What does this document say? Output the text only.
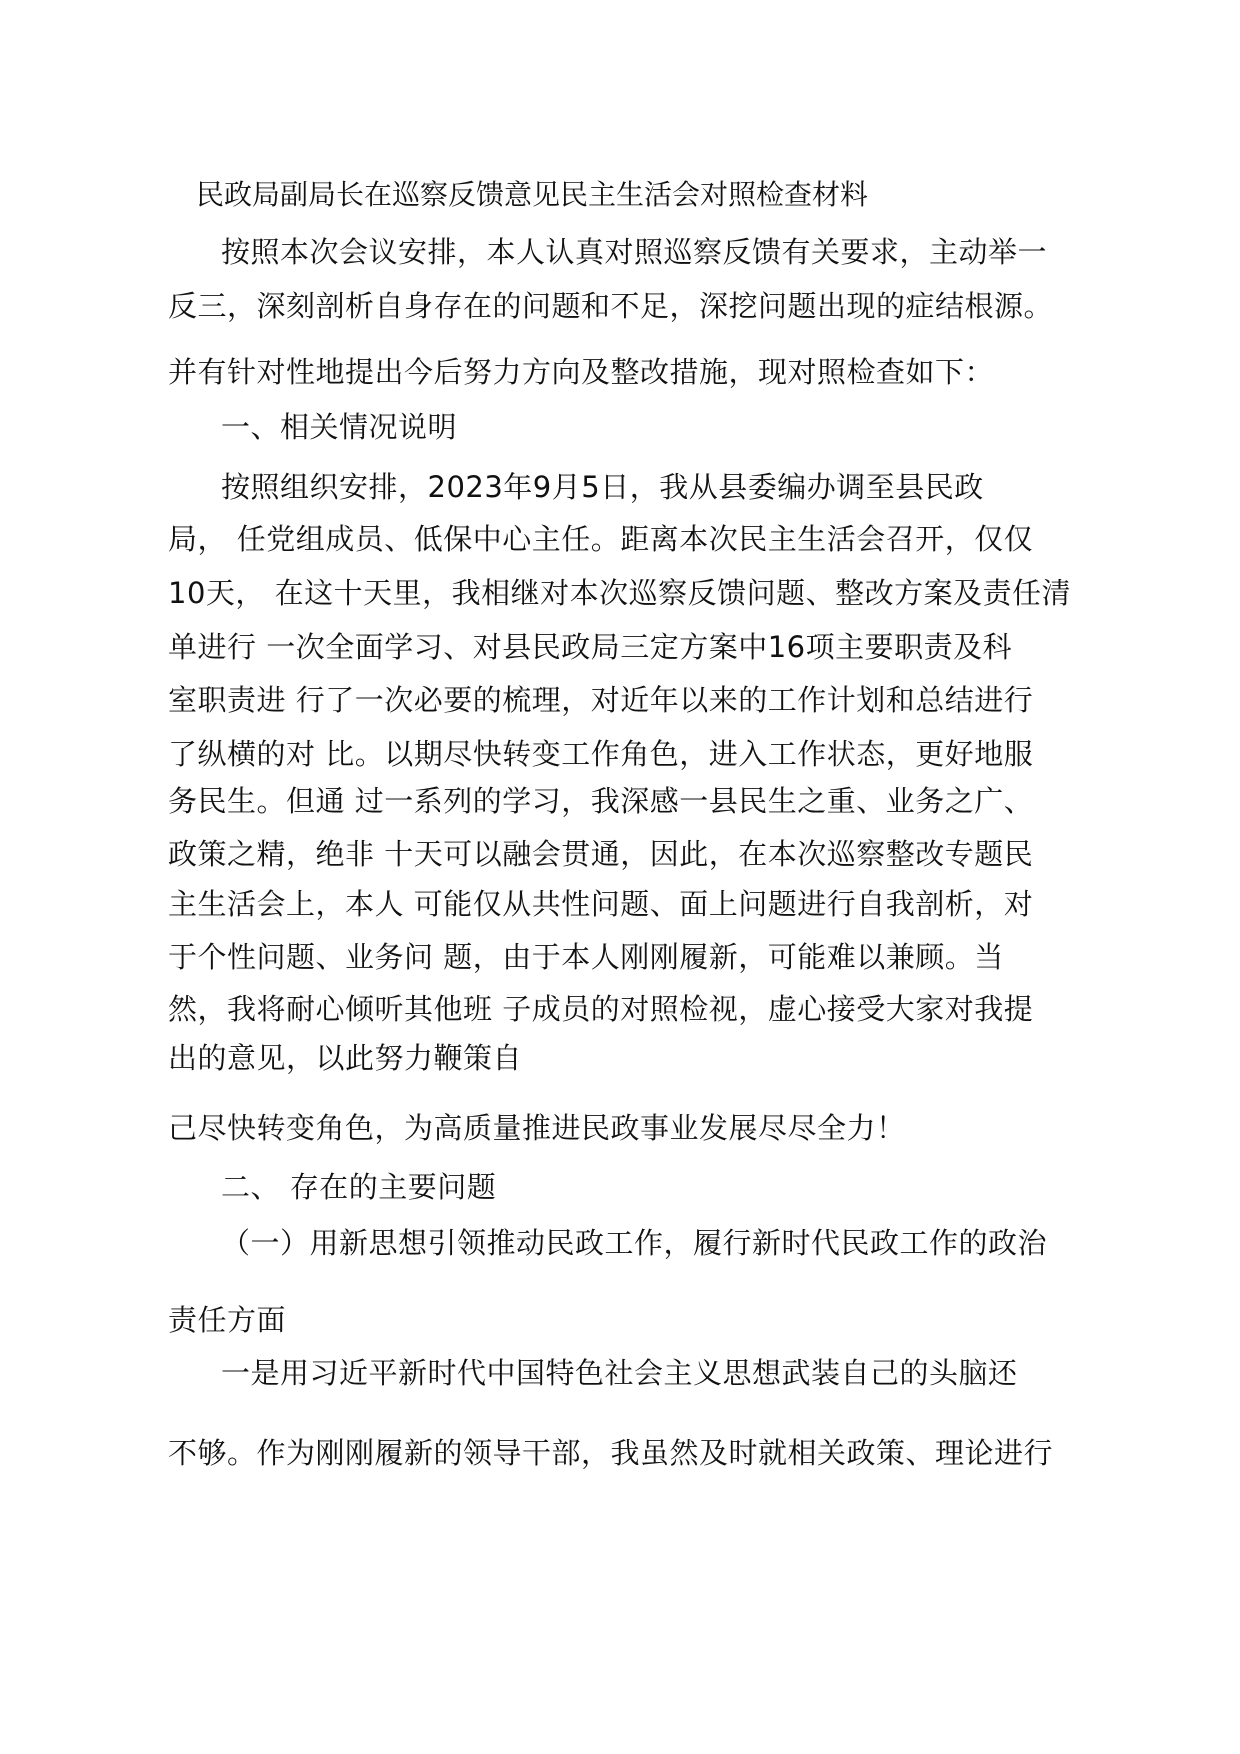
民政局副局长在巡察反馈意见民主生活会对照检查材料
按照本次会议安排，本人认真对照巡察反馈有关要求，主动举一
反三，深刻剖析自身存在的问题和不足，深挖问题出现的症结根源。
并有针对性地提出今后努力方向及整改措施，现对照检查如下：
一、相关情况说明
按照组织安排，2023年9月5日，我从县委编办调至县民政
局， 任党组成员、低保中心主任。距离本次民主生活会召开，仅仅
10天， 在这十天里，我相继对本次巡察反馈问题、整改方案及责任清
单进行 一次全面学习、对县民政局三定方案中16项主要职责及科
室职责进 行了一次必要的梳理，对近年以来的工作计划和总结进行
了纵横的对 比。以期尽快转变工作角色，进入工作状态，更好地服
务民生。但通 过一系列的学习，我深感一县民生之重、业务之广、
政策之精，绝非 十天可以融会贯通，因此，在本次巡察整改专题民
主生活会上，本人 可能仅从共性问题、面上问题进行自我剖析，对
于个性问题、业务问 题，由于本人刚刚履新，可能难以兼顾。当
然，我将耐心倾听其他班 子成员的对照检视，虚心接受大家对我提
出的意见，以此努力鞭策自
己尽快转变角色，为高质量推进民政事业发展尽尽全力！
二、 存在的主要问题
（一）用新思想引领推动民政工作，履行新时代民政工作的政治
责任方面
一是用习近平新时代中国特色社会主义思想武装自己的头脑还
不够。作为刚刚履新的领导干部，我虽然及时就相关政策、理论进行
